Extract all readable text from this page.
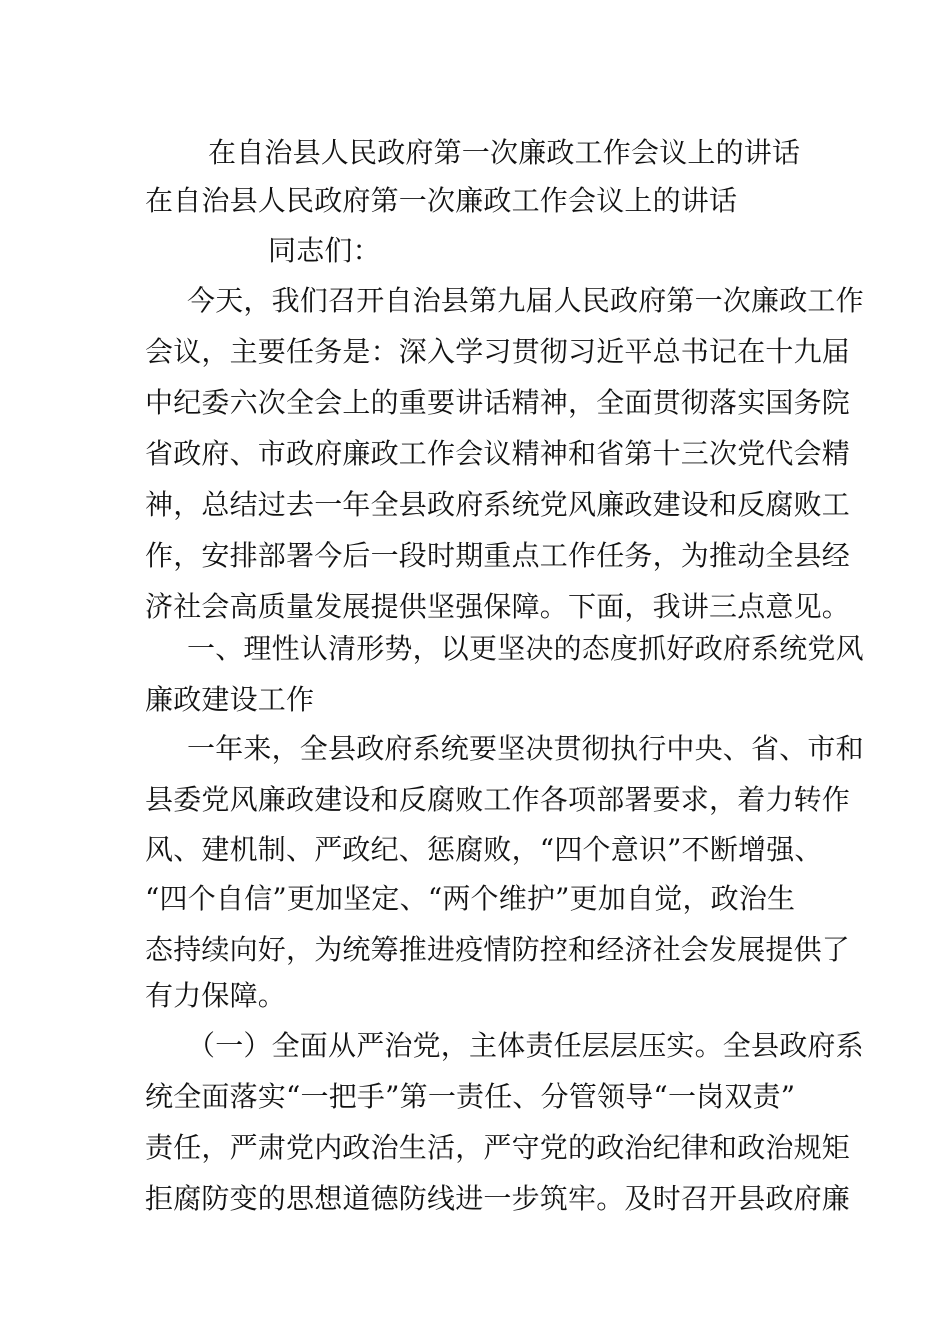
在自治县人民政府第一次廉政工作会议上的讲话
在自治县人民政府第一次廉政工作会议上的讲话
同志们：
今天，我们召开自治县第九届人民政府第一次廉政工作
会议，主要任务是：深入学习贯彻习近平总书记在十九届
中纪委六次全会上的重要讲话精神，全面贯彻落实国务院
省政府、市政府廉政工作会议精神和省第十三次党代会精
神，总结过去一年全县政府系统党风廉政建设和反腐败工
作，安排部署今后一段时期重点工作任务，为推动全县经
济社会高质量发展提供坚强保障。下面，我讲三点意见。
一、理性认清形势，以更坚决的态度抓好政府系统党风
廉政建设工作
一年来，全县政府系统要坚决贯彻执行中央、省、市和
县委党风廉政建设和反腐败工作各项部署要求，着力转作
风、建机制、严政纪、惩腐败，“四个意识”不断增强、
“四个自信”更加坚定、“两个维护”更加自觉，政治生
态持续向好，为统筹推进疫情防控和经济社会发展提供了
有力保障。
（一）全面从严治党，主体责任层层压实。全县政府系
统全面落实“一把手”第一责任、分管领导“一岗双责”
责任，严肃党内政治生活，严守党的政治纪律和政治规矩
拒腐防变的思想道德防线进一步筑牢。及时召开县政府廉
